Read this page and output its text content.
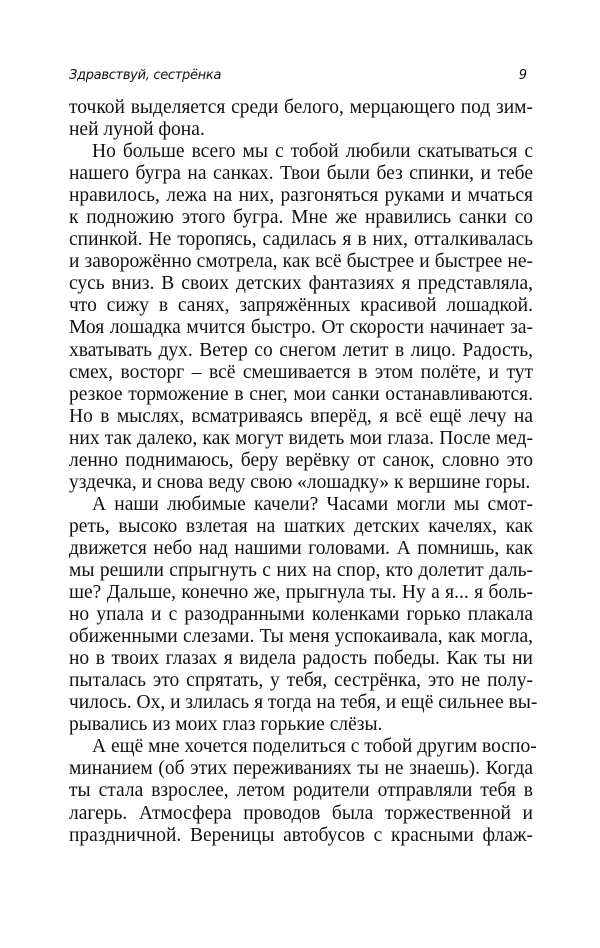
Здравствуй, сестрёнка	9
точкой выделяется среди белого, мерцающего под зим-
ней луной фона.
Но больше всего мы с тобой любили скатываться с
нашего бугра на санках. Твои были без спинки, и тебе
нравилось, лежа на них, разгоняться руками и мчаться
к подножию этого бугра. Мне же нравились санки со
спинкой. Не торопясь, садилась я в них, отталкивалась
и заворожённо смотрела, как всё быстрее и быстрее не-
сусь вниз. В своих детских фантазиях я представляла,
что сижу в санях, запряжённых красивой лошадкой.
Моя лошадка мчится быстро. От скорости начинает за-
хватывать дух. Ветер со снегом летит в лицо. Радость,
смех, восторг – всё смешивается в этом полёте, и тут
резкое торможение в снег, мои санки останавливаются.
Но в мыслях, всматриваясь вперёд, я всё ещё лечу на
них так далеко, как могут видеть мои глаза. После мед-
ленно поднимаюсь, беру верёвку от санок, словно это
уздечка, и снова веду свою «лошадку» к вершине горы.
А наши любимые качели? Часами могли мы смот-
реть, высоко взлетая на шатких детских качелях, как
движется небо над нашими головами. А помнишь, как
мы решили спрыгнуть с них на спор, кто долетит даль-
ше? Дальше, конечно же, прыгнула ты. Ну а я... я боль-
но упала и с разодранными коленками горько плакала
обиженными слезами. Ты меня успокаивала, как могла,
но в твоих глазах я видела радость победы. Как ты ни
пыталась это спрятать, у тебя, сестрёнка, это не полу-
чилось. Ох, и злилась я тогда на тебя, и ещё сильнее вы-
рывались из моих глаз горькие слёзы.
А ещё мне хочется поделиться с тобой другим воспо-
минанием (об этих переживаниях ты не знаешь). Когда
ты стала взрослее, летом родители отправляли тебя в
лагерь. Атмосфера проводов была торжественной и
праздничной. Вереницы автобусов с красными флаж-
